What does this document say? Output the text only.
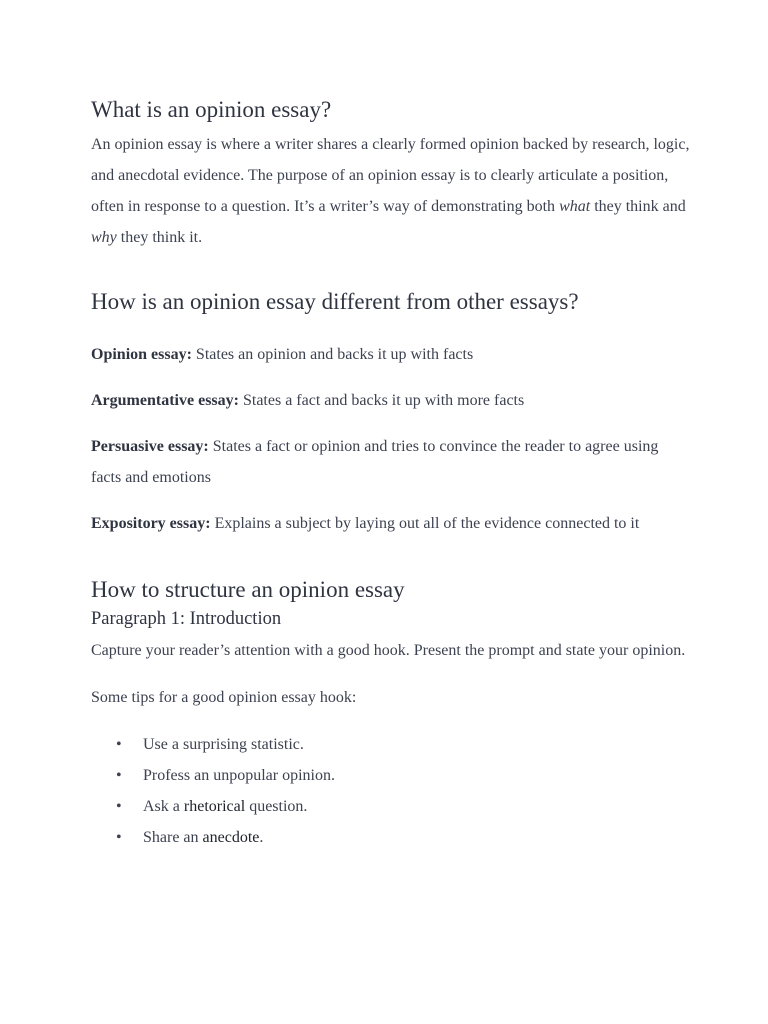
What is an opinion essay?

An opinion essay is where a writer shares a clearly formed opinion backed by research, logic, and anecdotal evidence. The purpose of an opinion essay is to clearly articulate a position, often in response to a question. It’s a writer’s way of demonstrating both what they think and why they think it.

How is an opinion essay different from other essays?

Opinion essay: States an opinion and backs it up with facts

Argumentative essay: States a fact and backs it up with more facts

Persuasive essay: States a fact or opinion and tries to convince the reader to agree using facts and emotions

Expository essay: Explains a subject by laying out all of the evidence connected to it

How to structure an opinion essay
Paragraph 1: Introduction

Capture your reader’s attention with a good hook. Present the prompt and state your opinion.

Some tips for a good opinion essay hook:

• Use a surprising statistic.
• Profess an unpopular opinion.
• Ask a rhetorical question.
• Share an anecdote.
